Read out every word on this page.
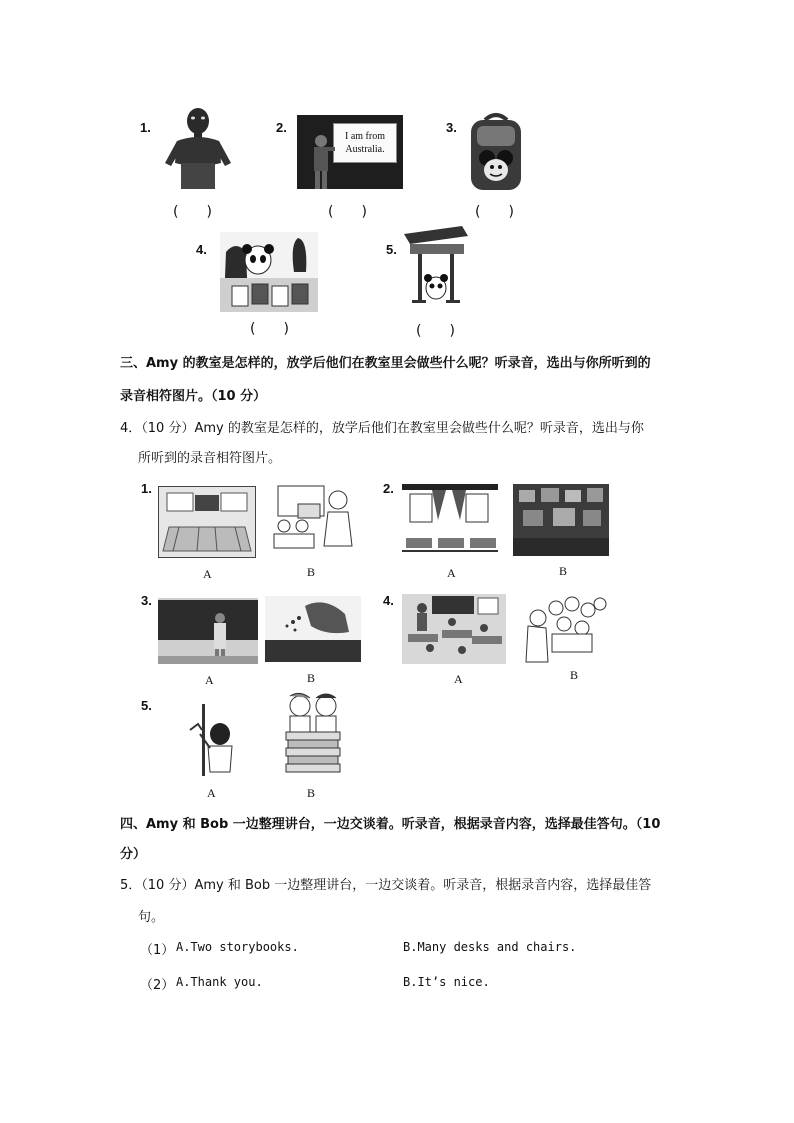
1.
(　　)
2.
I am from Australia.
(　　)
3.
(　　)
4.
(　　)
5.
(　　)
三、Amy 的教室是怎样的，放学后他们在教室里会做些什么呢？听录音，选出与你所听到的
录音相符图片。（10 分）
4．（10 分）Amy 的教室是怎样的，放学后他们在教室里会做些什么呢？听录音，选出与你
所听到的录音相符图片。
1.
A	B
2.
A	B
3.
A	B
4.
A	B
5.
A	B
四、Amy 和 Bob 一边整理讲台，一边交谈着。听录音，根据录音内容，选择最佳答句。（10
分）
5．（10 分）Amy 和 Bob 一边整理讲台，一边交谈着。听录音，根据录音内容，选择最佳答
句。
（1） A.Two storybooks.	B.Many desks and chairs.
（2） A.Thank you.	B.It’s nice.
